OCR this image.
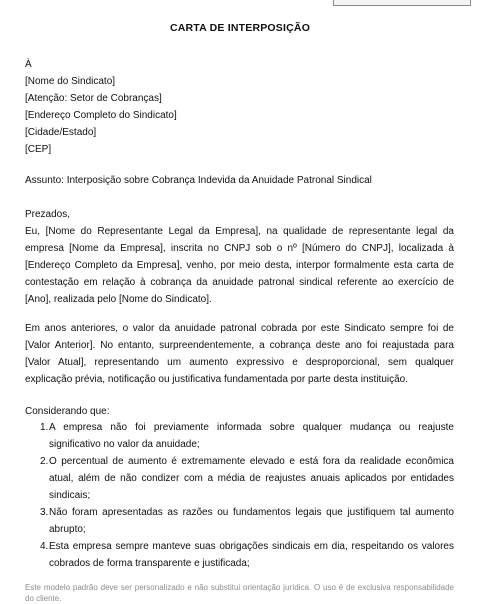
CARTA DE INTERPOSIÇÃO
À
[Nome do Sindicato]
[Atenção: Setor de Cobranças]
[Endereço Completo do Sindicato]
[Cidade/Estado]
[CEP]
Assunto: Interposição sobre Cobrança Indevida da Anuidade Patronal Sindical
Prezados,
Eu, [Nome do Representante Legal da Empresa], na qualidade de representante legal da empresa [Nome da Empresa], inscrita no CNPJ sob o nº [Número do CNPJ], localizada à [Endereço Completo da Empresa], venho, por meio desta, interpor formalmente esta carta de contestação em relação à cobrança da anuidade patronal sindical referente ao exercício de [Ano], realizada pelo [Nome do Sindicato].
Em anos anteriores, o valor da anuidade patronal cobrada por este Sindicato sempre foi de [Valor Anterior]. No entanto, surpreendentemente, a cobrança deste ano foi reajustada para [Valor Atual], representando um aumento expressivo e desproporcional, sem qualquer explicação prévia, notificação ou justificativa fundamentada por parte desta instituição.
Considerando que:
1. A empresa não foi previamente informada sobre qualquer mudança ou reajuste significativo no valor da anuidade;
2. O percentual de aumento é extremamente elevado e está fora da realidade econômica atual, além de não condizer com a média de reajustes anuais aplicados por entidades sindicais;
3. Não foram apresentadas as razões ou fundamentos legais que justifiquem tal aumento abrupto;
4. Esta empresa sempre manteve suas obrigações sindicais em dia, respeitando os valores cobrados de forma transparente e justificada;
Este modelo padrão deve ser personalizado e não substitui orientação jurídica. O uso é de exclusiva responsabilidade do cliente.
